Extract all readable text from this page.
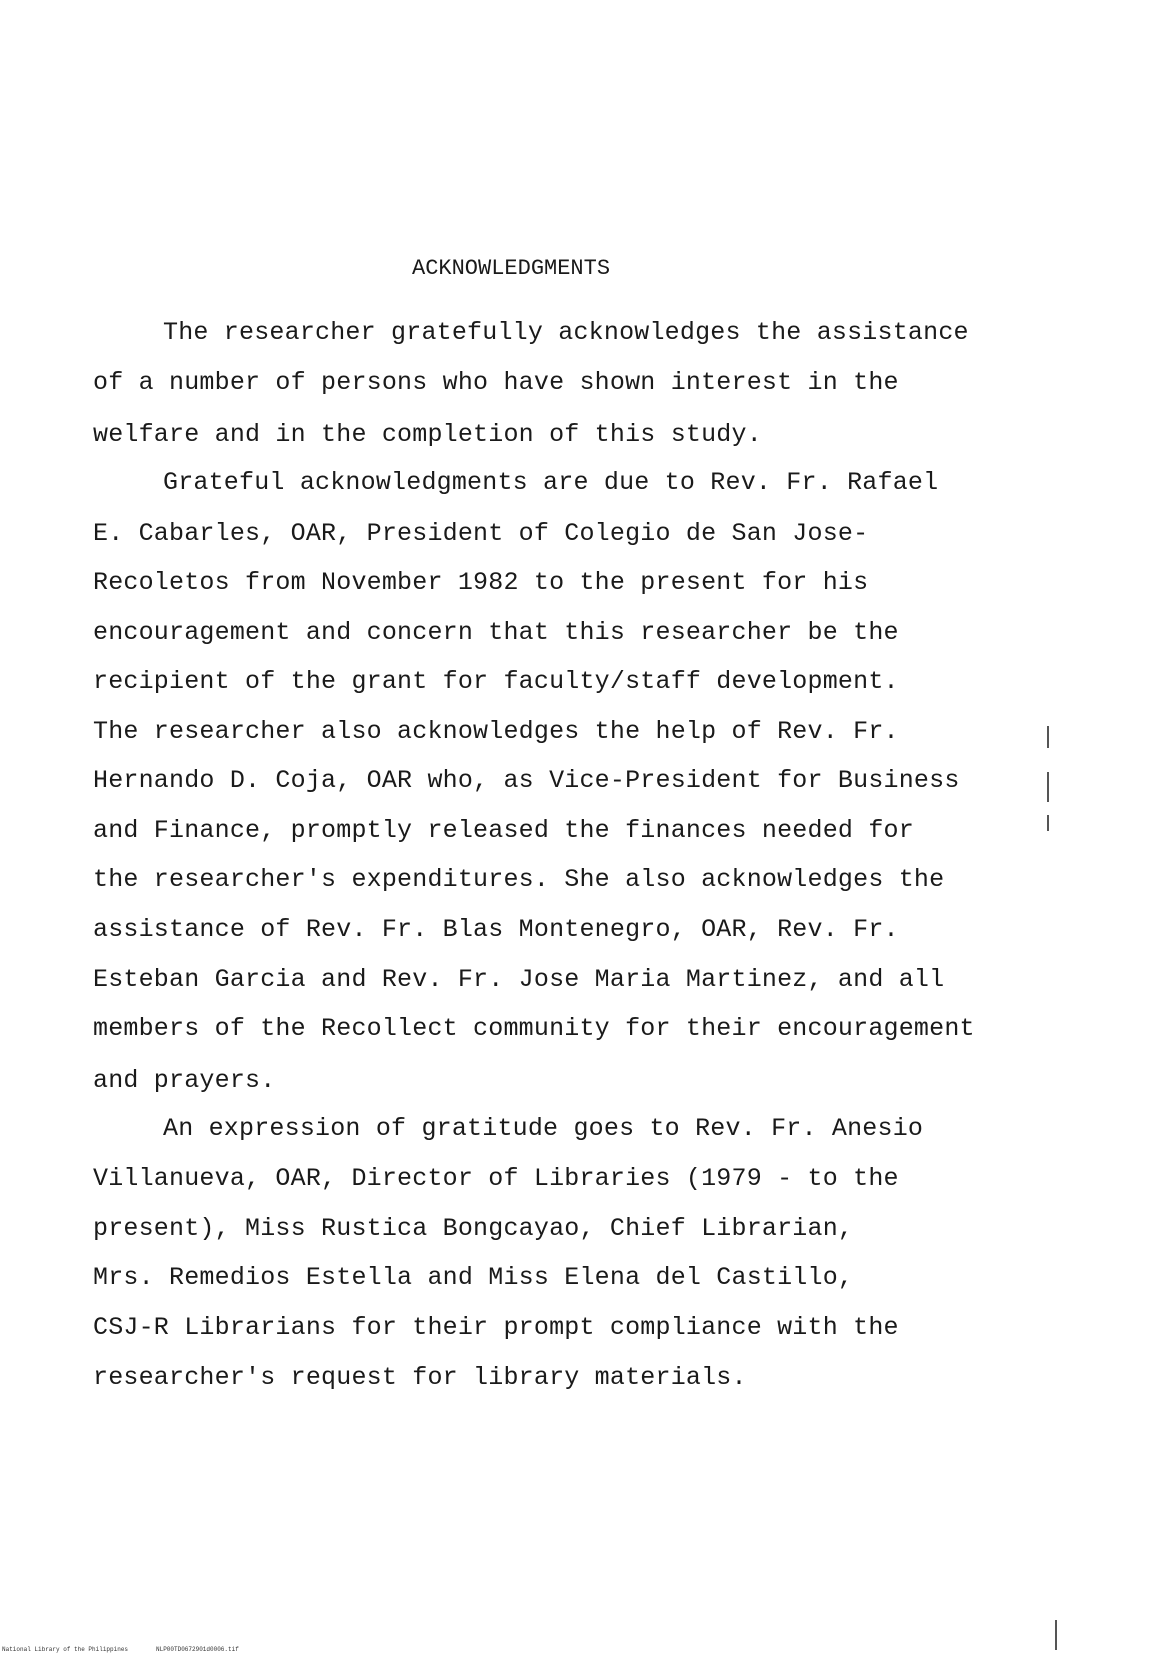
ACKNOWLEDGMENTS
The researcher gratefully acknowledges the assistance
of a number of persons who have shown interest in the
welfare and in the completion of this study.
Grateful acknowledgments are due to Rev. Fr. Rafael
E. Cabarles, OAR, President of Colegio de San Jose-
Recoletos from November 1982 to the present for his
encouragement and concern that this researcher be the
recipient of the grant for faculty/staff development.
The researcher also acknowledges the help of Rev. Fr.
Hernando D. Coja, OAR who, as Vice-President for Business
and Finance, promptly released the finances needed for
the researcher's expenditures. She also acknowledges the
assistance of Rev. Fr. Blas Montenegro, OAR, Rev. Fr.
Esteban Garcia and Rev. Fr. Jose Maria Martinez, and all
members of the Recollect community for their encouragement
and prayers.
An expression of gratitude goes to Rev. Fr. Anesio
Villanueva, OAR, Director of Libraries (1979 - to the
present), Miss Rustica Bongcayao, Chief Librarian,
Mrs. Remedios Estella and Miss Elena del Castillo,
CSJ-R Librarians for their prompt compliance with the
researcher's request for library materials.
National Library of the Philippines	NLP00TD0672901d0006.tif
